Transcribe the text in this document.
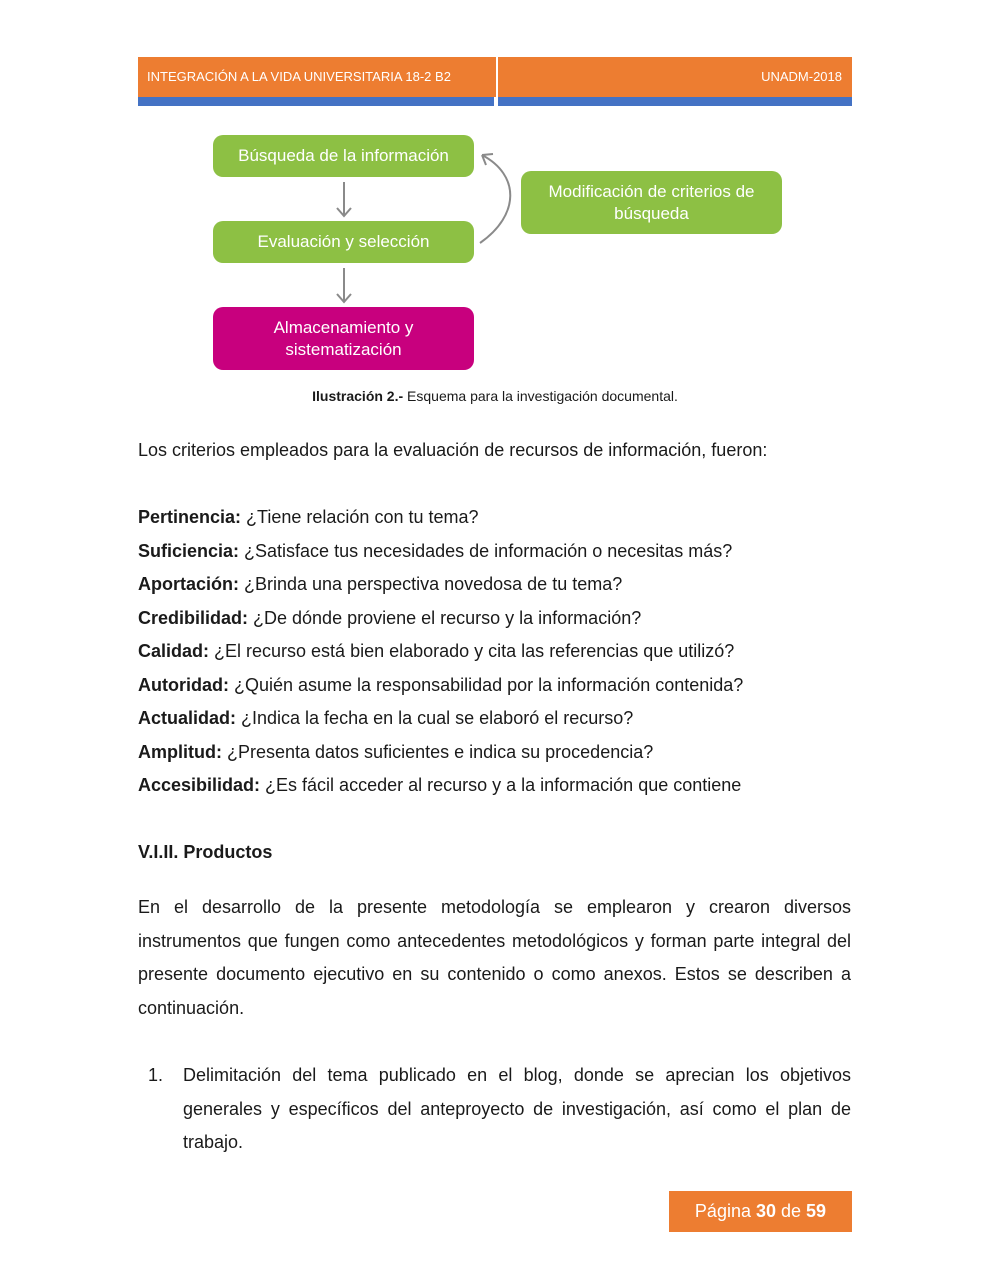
INTEGRACIÓN A LA VIDA UNIVERSITARIA 18-2 B2	UNADM-2018
Búsqueda de la información
Evaluación y selección
Almacenamiento y sistematización
Modificación de criterios de búsqueda
Ilustración 2.- Esquema para la investigación documental.
Los criterios empleados para la evaluación de recursos de información, fueron:
Pertinencia: ¿Tiene relación con tu tema?
Suficiencia: ¿Satisface tus necesidades de información o necesitas más?
Aportación: ¿Brinda una perspectiva novedosa de tu tema?
Credibilidad: ¿De dónde proviene el recurso y la información?
Calidad: ¿El recurso está bien elaborado y cita las referencias que utilizó?
Autoridad: ¿Quién asume la responsabilidad por la información contenida?
Actualidad: ¿Indica la fecha en la cual se elaboró el recurso?
Amplitud: ¿Presenta datos suficientes e indica su procedencia?
Accesibilidad: ¿Es fácil acceder al recurso y a la información que contiene
V.I.II. Productos
En el desarrollo de la presente metodología se emplearon y crearon diversos instrumentos que fungen como antecedentes metodológicos y forman parte integral del presente documento ejecutivo en su contenido o como anexos. Estos se describen a continuación.
1. Delimitación del tema publicado en el blog, donde se aprecian los objetivos generales y específicos del anteproyecto de investigación, así como el plan de trabajo.
Página 30 de 59
